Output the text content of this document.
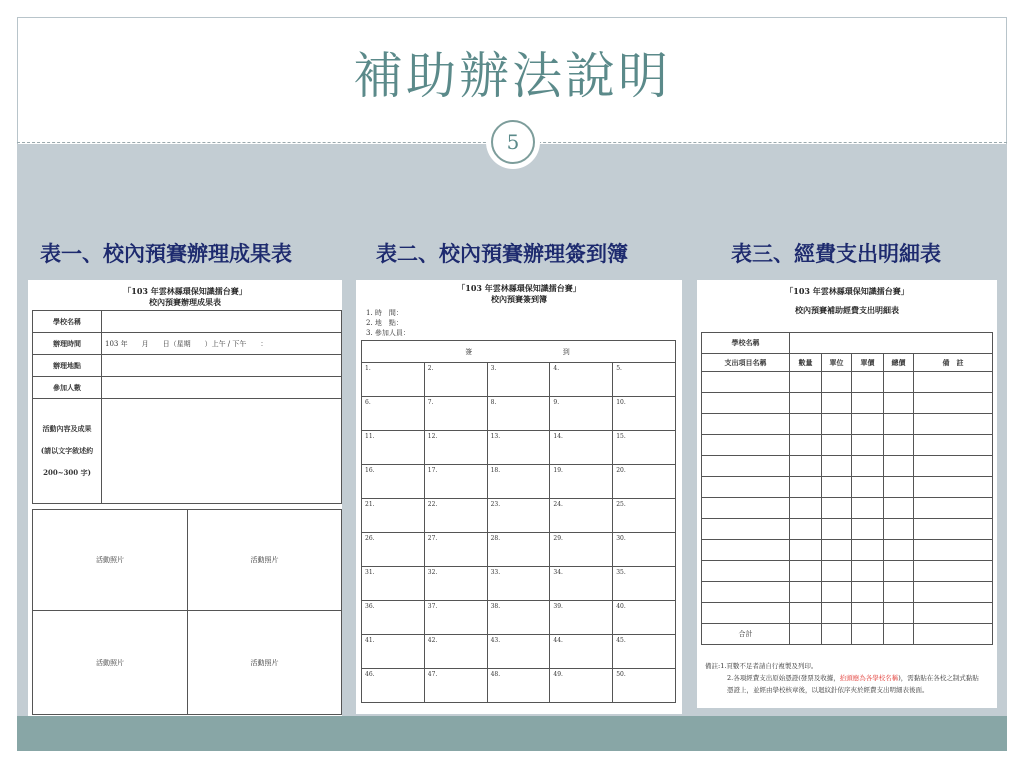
補助辦法說明
5
表一、校內預賽辦理成果表	表二、校內預賽辦理簽到簿	表三、經費支出明細表
「103 年雲林縣環保知識擂台賽」
校內預賽辦理成果表
學校名稱	
辦理時間	103 年　　月　　日（星期　　）上午 / 下午　　：
辦理地點	
參加人數	

活動內容及成果
(請以文字敘述約
200~300 字)	

活動照片	活動照片
活動照片	活動照片
「103 年雲林縣環保知識擂台賽」
校內預賽簽到簿
1. 時　間：
2. 地　點：
3. 參加人員：
簽 到				
1.	2.	3.	4.	5.
6.	7.	8.	9.	10.
11.	12.	13.	14.	15.
16.	17.	18.	19.	20.
21.	22.	23.	24.	25.
26.	27.	28.	29.	30.
31.	32.	33.	34.	35.
36.	37.	38.	39.	40.
41.	42.	43.	44.	45.
46.	47.	48.	49.	50.
「103 年雲林縣環保知識擂台賽」
校內預賽補助經費支出明細表
學校名稱					
支出項目名稱	數量	單位	單價	總價	備　註

合計					
備註:1.頁數不足者請自行複製及列印。
2.各項經費支出原始憑證(發票及收據，抬頭應為各學校名稱)，需黏貼在各校之制式黏貼
憑證上，並經由學校核章後，以迴紋針依序夾於經費支出明細表後面。
